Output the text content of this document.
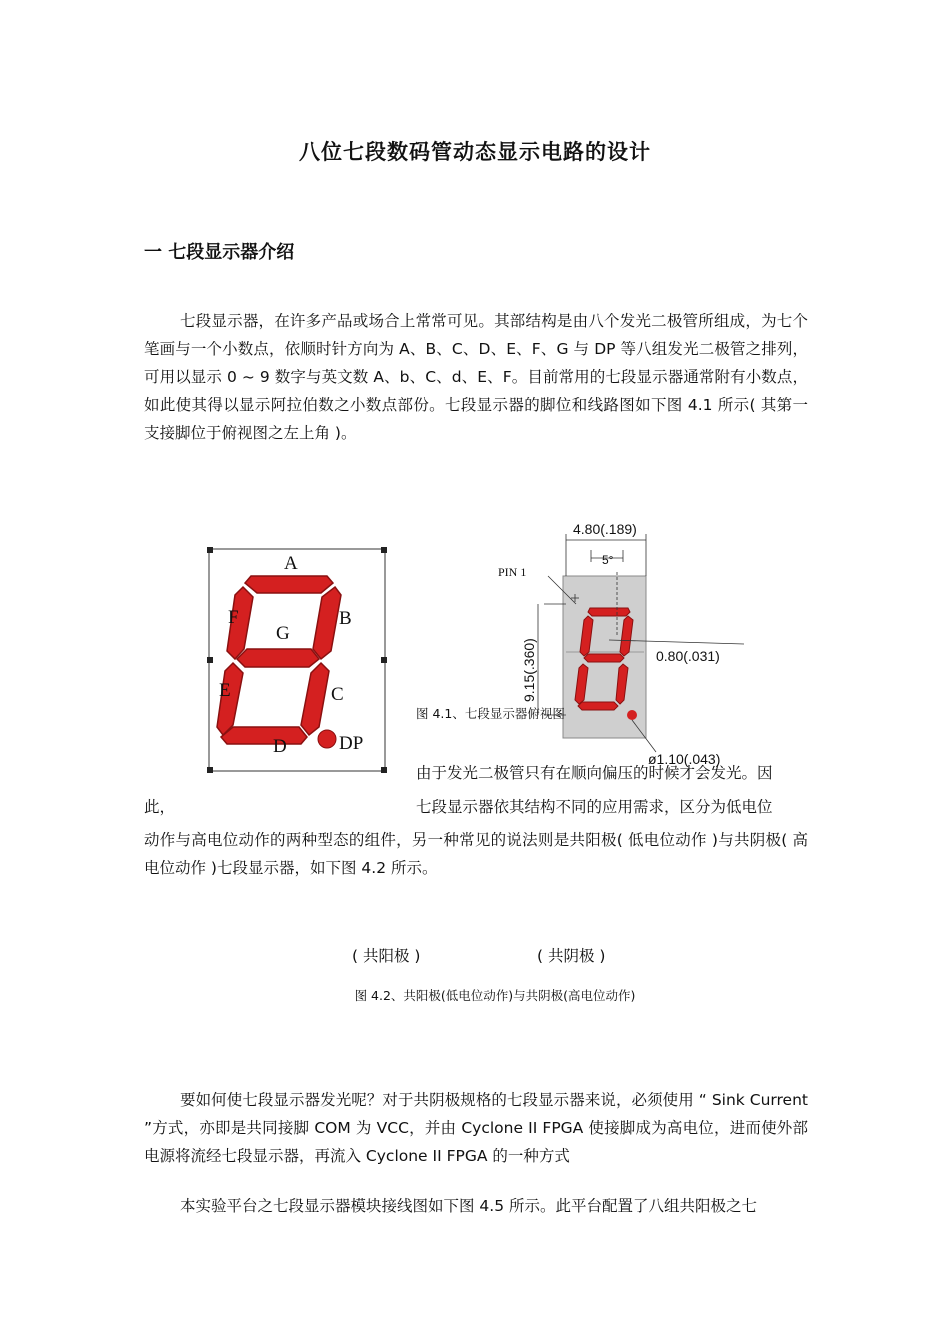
八位七段数码管动态显示电路的设计
一 七段显示器介绍
七段显示器，在许多产品或场合上常常可见。其部结构是由八个发光二极管所组成，为七个笔画与一个小数点，依顺时针方向为 A、B、C、D、E、F、G 与 DP 等八组发光二极管之排列，可用以显示 0 ~ 9 数字与英文数 A、b、C、d、E、F。目前常用的七段显示器通常附有小数点，如此使其得以显示阿拉伯数之小数点部份。七段显示器的脚位和线路图如下图 4.1 所示( 其第一支接脚位于俯视图之左上角 )。
A
B
C
D
E
F
G
DP
4.80(.189)
5°
PIN 1
0.80(.031)
ø1.10(.043)
9.15(.360)
图 4.1、七段显示器俯视图
由于发光二极管只有在顺向偏压的时候才会发光。因
此，	七段显示器依其结构不同的应用需求，区分为低电位
动作与高电位动作的两种型态的组件，另一种常见的说法则是共阳极( 低电位动作 )与共阴极( 高电位动作 )七段显示器，如下图 4.2 所示。
( 共阳极 )	( 共阴极 )
图 4.2、共阳极(低电位动作)与共阴极(高电位动作)
要如何使七段显示器发光呢？对于共阴极规格的七段显示器来说，必须使用 “ Sink Current ”方式，亦即是共同接脚 COM 为 VCC，并由 Cyclone II FPGA 使接脚成为高电位，进而使外部电源将流经七段显示器，再流入 Cyclone II FPGA 的一种方式
本实验平台之七段显示器模块接线图如下图 4.5 所示。此平台配置了八组共阳极之七
